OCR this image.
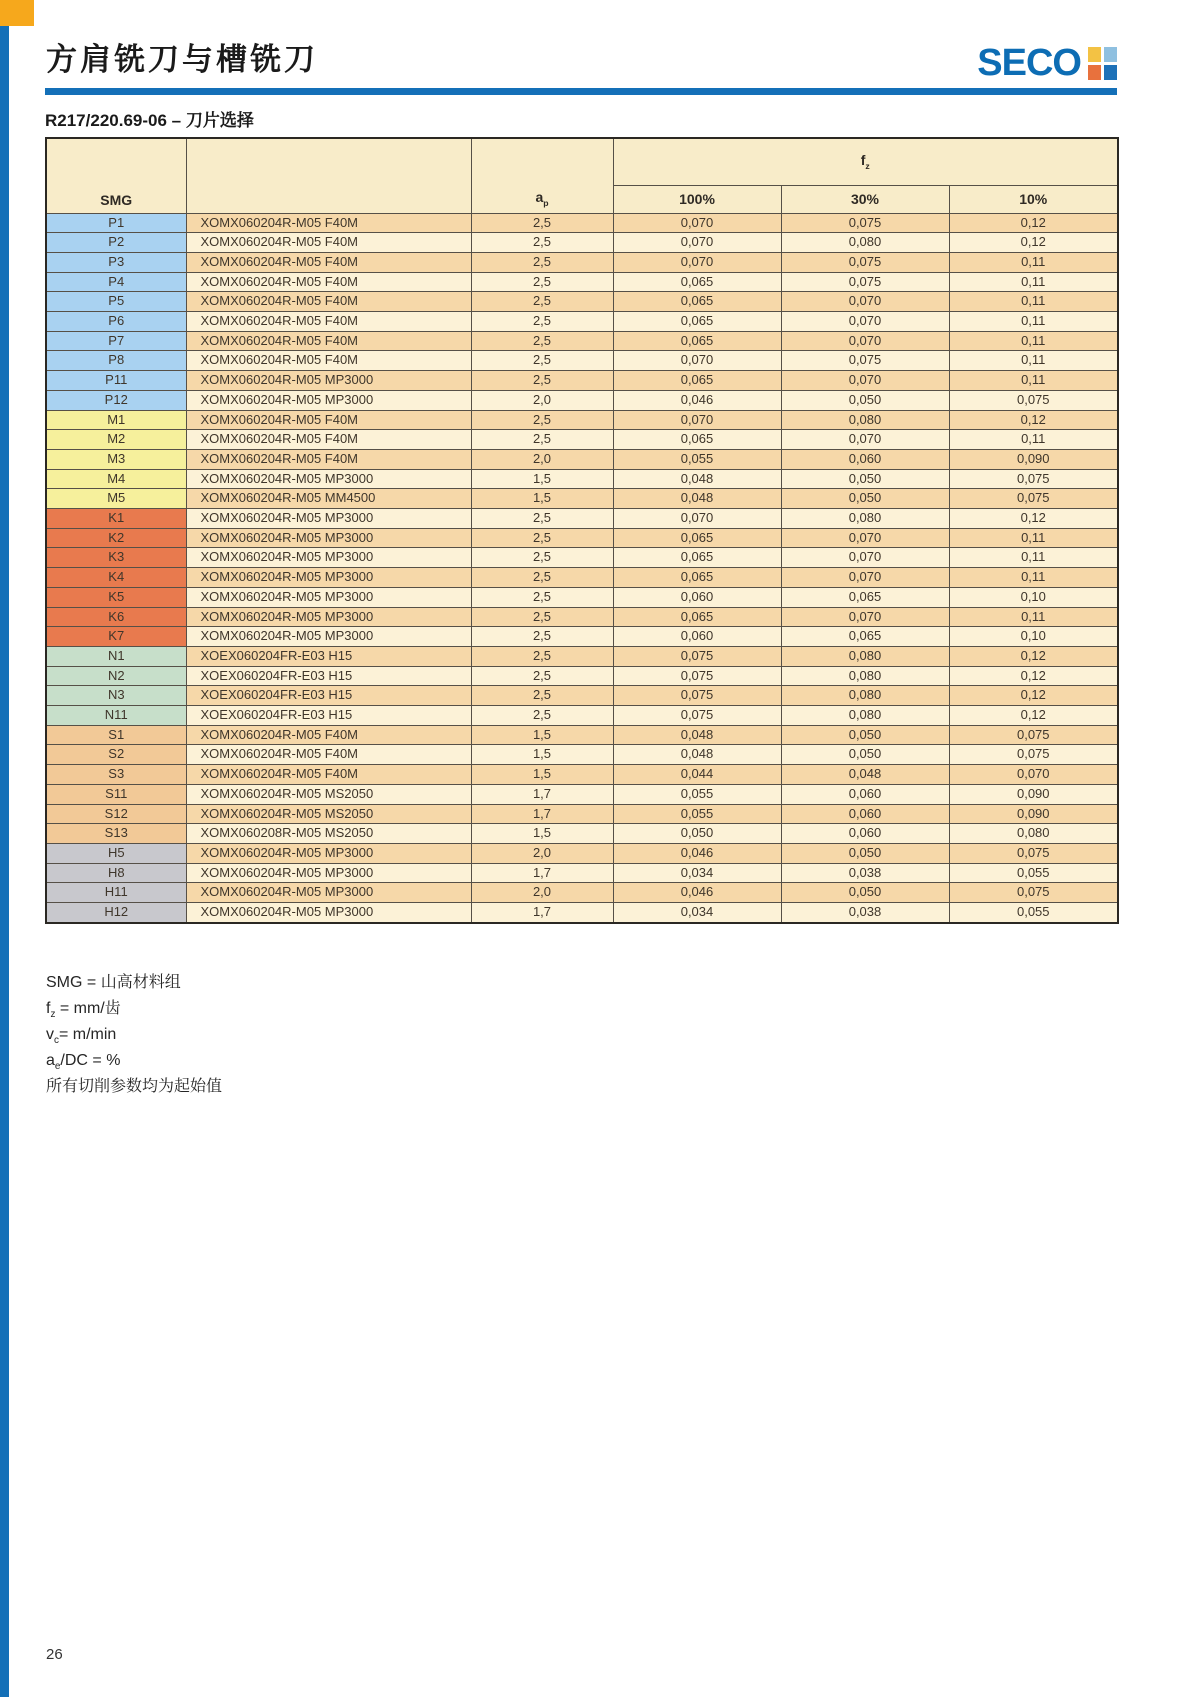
方肩铣刀与槽铣刀	SECO
R217/220.69-06 – 刀片选择
SMG		$a_p$	$f_z$
			100%	30%	10%
P1	XOMX060204R-M05 F40M	2,5	0,070	0,075	0,12
P2	XOMX060204R-M05 F40M	2,5	0,070	0,080	0,12
P3	XOMX060204R-M05 F40M	2,5	0,070	0,075	0,11
P4	XOMX060204R-M05 F40M	2,5	0,065	0,075	0,11
P5	XOMX060204R-M05 F40M	2,5	0,065	0,070	0,11
P6	XOMX060204R-M05 F40M	2,5	0,065	0,070	0,11
P7	XOMX060204R-M05 F40M	2,5	0,065	0,070	0,11
P8	XOMX060204R-M05 F40M	2,5	0,070	0,075	0,11
P11	XOMX060204R-M05 MP3000	2,5	0,065	0,070	0,11
P12	XOMX060204R-M05 MP3000	2,0	0,046	0,050	0,075
M1	XOMX060204R-M05 F40M	2,5	0,070	0,080	0,12
M2	XOMX060204R-M05 F40M	2,5	0,065	0,070	0,11
M3	XOMX060204R-M05 F40M	2,0	0,055	0,060	0,090
M4	XOMX060204R-M05 MP3000	1,5	0,048	0,050	0,075
M5	XOMX060204R-M05 MM4500	1,5	0,048	0,050	0,075
K1	XOMX060204R-M05 MP3000	2,5	0,070	0,080	0,12
K2	XOMX060204R-M05 MP3000	2,5	0,065	0,070	0,11
K3	XOMX060204R-M05 MP3000	2,5	0,065	0,070	0,11
K4	XOMX060204R-M05 MP3000	2,5	0,065	0,070	0,11
K5	XOMX060204R-M05 MP3000	2,5	0,060	0,065	0,10
K6	XOMX060204R-M05 MP3000	2,5	0,065	0,070	0,11
K7	XOMX060204R-M05 MP3000	2,5	0,060	0,065	0,10
N1	XOEX060204FR-E03 H15	2,5	0,075	0,080	0,12
N2	XOEX060204FR-E03 H15	2,5	0,075	0,080	0,12
N3	XOEX060204FR-E03 H15	2,5	0,075	0,080	0,12
N11	XOEX060204FR-E03 H15	2,5	0,075	0,080	0,12
S1	XOMX060204R-M05 F40M	1,5	0,048	0,050	0,075
S2	XOMX060204R-M05 F40M	1,5	0,048	0,050	0,075
S3	XOMX060204R-M05 F40M	1,5	0,044	0,048	0,070
S11	XOMX060204R-M05 MS2050	1,7	0,055	0,060	0,090
S12	XOMX060204R-M05 MS2050	1,7	0,055	0,060	0,090
S13	XOMX060208R-M05 MS2050	1,5	0,050	0,060	0,080
H5	XOMX060204R-M05 MP3000	2,0	0,046	0,050	0,075
H8	XOMX060204R-M05 MP3000	1,7	0,034	0,038	0,055
H11	XOMX060204R-M05 MP3000	2,0	0,046	0,050	0,075
H12	XOMX060204R-M05 MP3000	1,7	0,034	0,038	0,055
SMG = 山高材料组
$f_z = mm/$齿
$v_c= m/\min$
$a_e/DC$ = %
所有切削参数均为起始值
26
